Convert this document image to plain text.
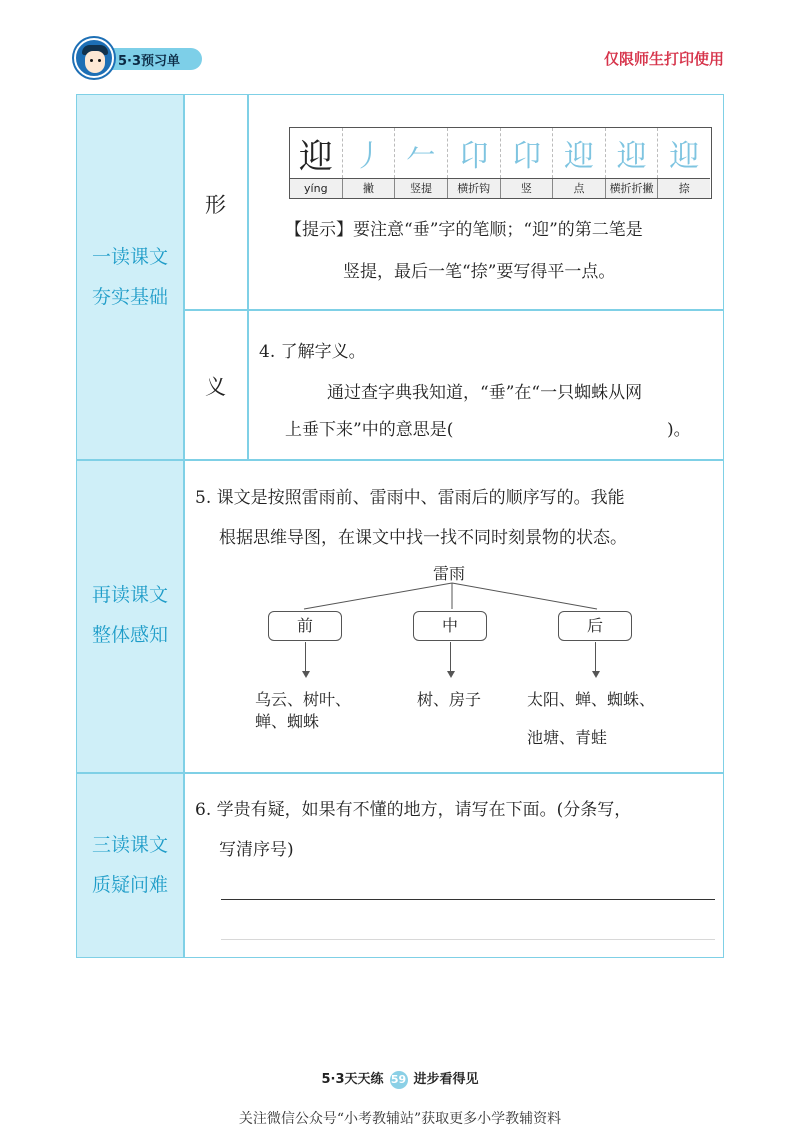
5·3预习单	仅限师生打印使用
一读课文
夯实基础
再读课文
整体感知
三读课文
质疑问难
形
义
迎 丿 𠂉 卬 卬 迎 迎 迎
yíng	撇	竖提	横折钩	竖	点	横折折撇	捺
【提示】要注意“垂”字的笔顺；“迎”的第二笔是
竖提，最后一笔“捺”要写得平一点。
4. 了解字义。
通过查字典我知道，“垂”在“一只蜘蛛从网
上垂下来”中的意思是(	)。
5. 课文是按照雷雨前、雷雨中、雷雨后的顺序写的。我能
根据思维导图，在课文中找一找不同时刻景物的状态。
雷雨
前	中	后
乌云、树叶、
蝉、蜘蛛
树、房子	太阳、蝉、蜘蛛、
池塘、青蛙
6. 学贵有疑，如果有不懂的地方，请写在下面。(分条写，
写清序号)
5·3天天练 59 进步看得见
关注微信公众号“小考教辅站”获取更多小学教辅资料
